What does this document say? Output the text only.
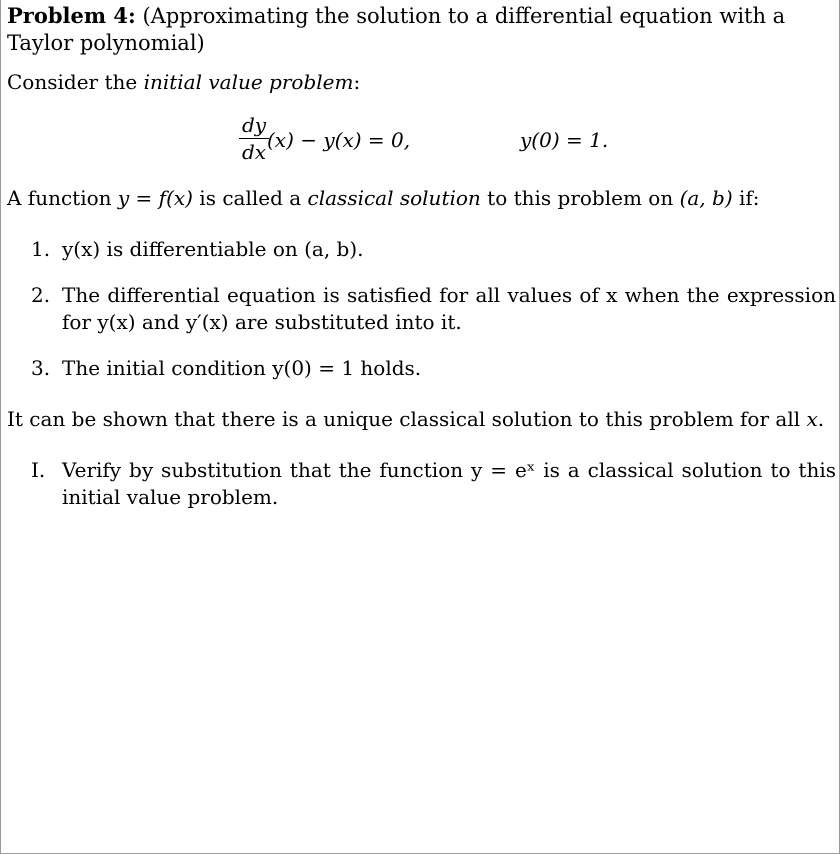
Problem 4: (Approximating the solution to a differential equation with a Taylor polynomial)
Consider the initial value problem:
dy
dx (x) − y(x) = 0,	y(0) = 1.
A function y = f(x) is called a classical solution to this problem on (a, b) if:
1. y(x) is differentiable on (a, b).
2. The differential equation is satisfied for all values of x when the expression for y(x) and y′(x) are substituted into it.
3. The initial condition y(0) = 1 holds.
It can be shown that there is a unique classical solution to this problem for all x.
I. Verify by substitution that the function y = eˣ is a classical solution to this initial value problem.
